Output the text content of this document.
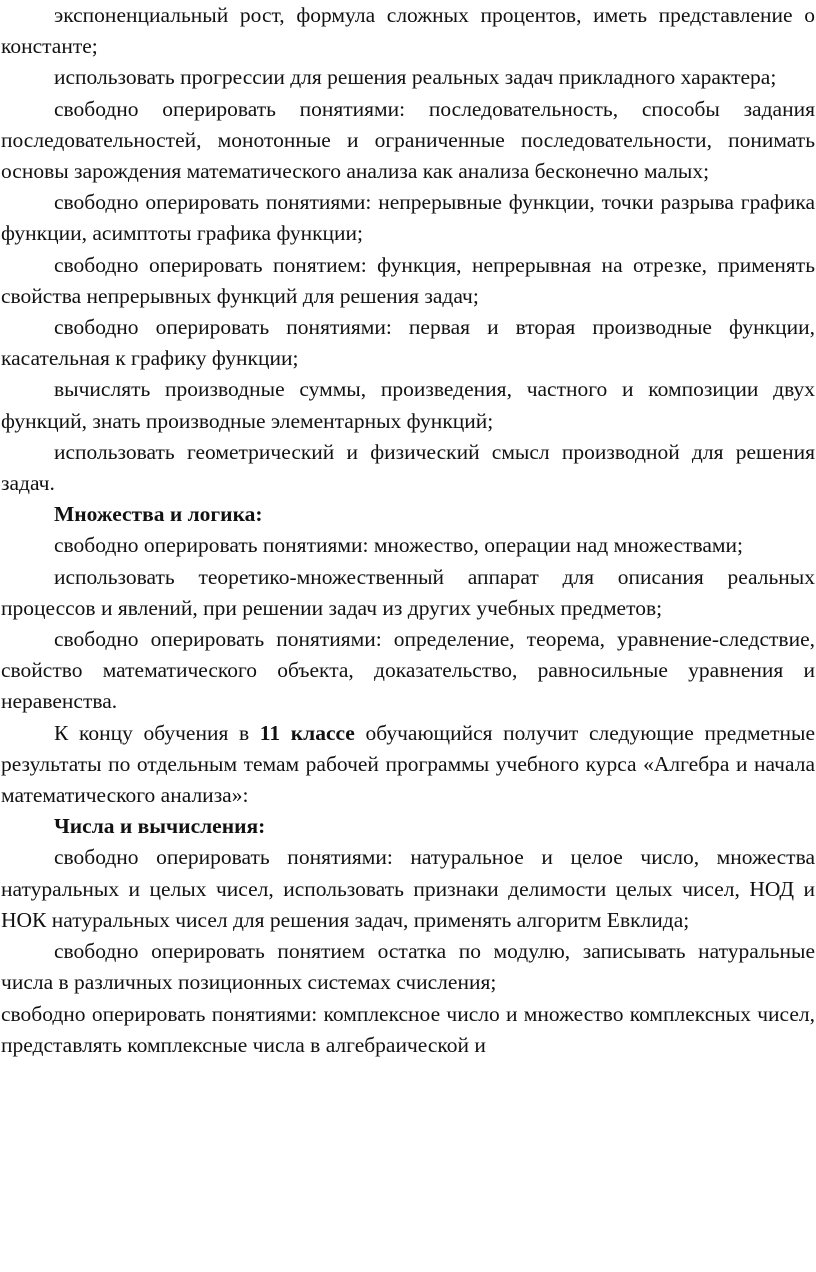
экспоненциальный рост, формула сложных процентов, иметь представление о константе;

использовать прогрессии для решения реальных задач прикладного характера;

свободно оперировать понятиями: последовательность, способы задания последовательностей, монотонные и ограниченные последовательности, понимать основы зарождения математического анализа как анализа бесконечно малых;

свободно оперировать понятиями: непрерывные функции, точки разрыва графика функции, асимптоты графика функции;

свободно оперировать понятием: функция, непрерывная на отрезке, применять свойства непрерывных функций для решения задач;

свободно оперировать понятиями: первая и вторая производные функции, касательная к графику функции;

вычислять производные суммы, произведения, частного и композиции двух функций, знать производные элементарных функций;

использовать геометрический и физический смысл производной для решения задач.

Множества и логика:

свободно оперировать понятиями: множество, операции над множествами;

использовать теоретико-множественный аппарат для описания реальных процессов и явлений, при решении задач из других учебных предметов;

свободно оперировать понятиями: определение, теорема, уравнение-следствие, свойство математического объекта, доказательство, равносильные уравнения и неравенства.

К концу обучения в 11 классе обучающийся получит следующие предметные результаты по отдельным темам рабочей программы учебного курса «Алгебра и начала математического анализа»:

Числа и вычисления:

свободно оперировать понятиями: натуральное и целое число, множества натуральных и целых чисел, использовать признаки делимости целых чисел, НОД и НОК натуральных чисел для решения задач, применять алгоритм Евклида;

свободно оперировать понятием остатка по модулю, записывать натуральные числа в различных позиционных системах счисления;

свободно оперировать понятиями: комплексное число и множество комплексных чисел, представлять комплексные числа в алгебраической и
